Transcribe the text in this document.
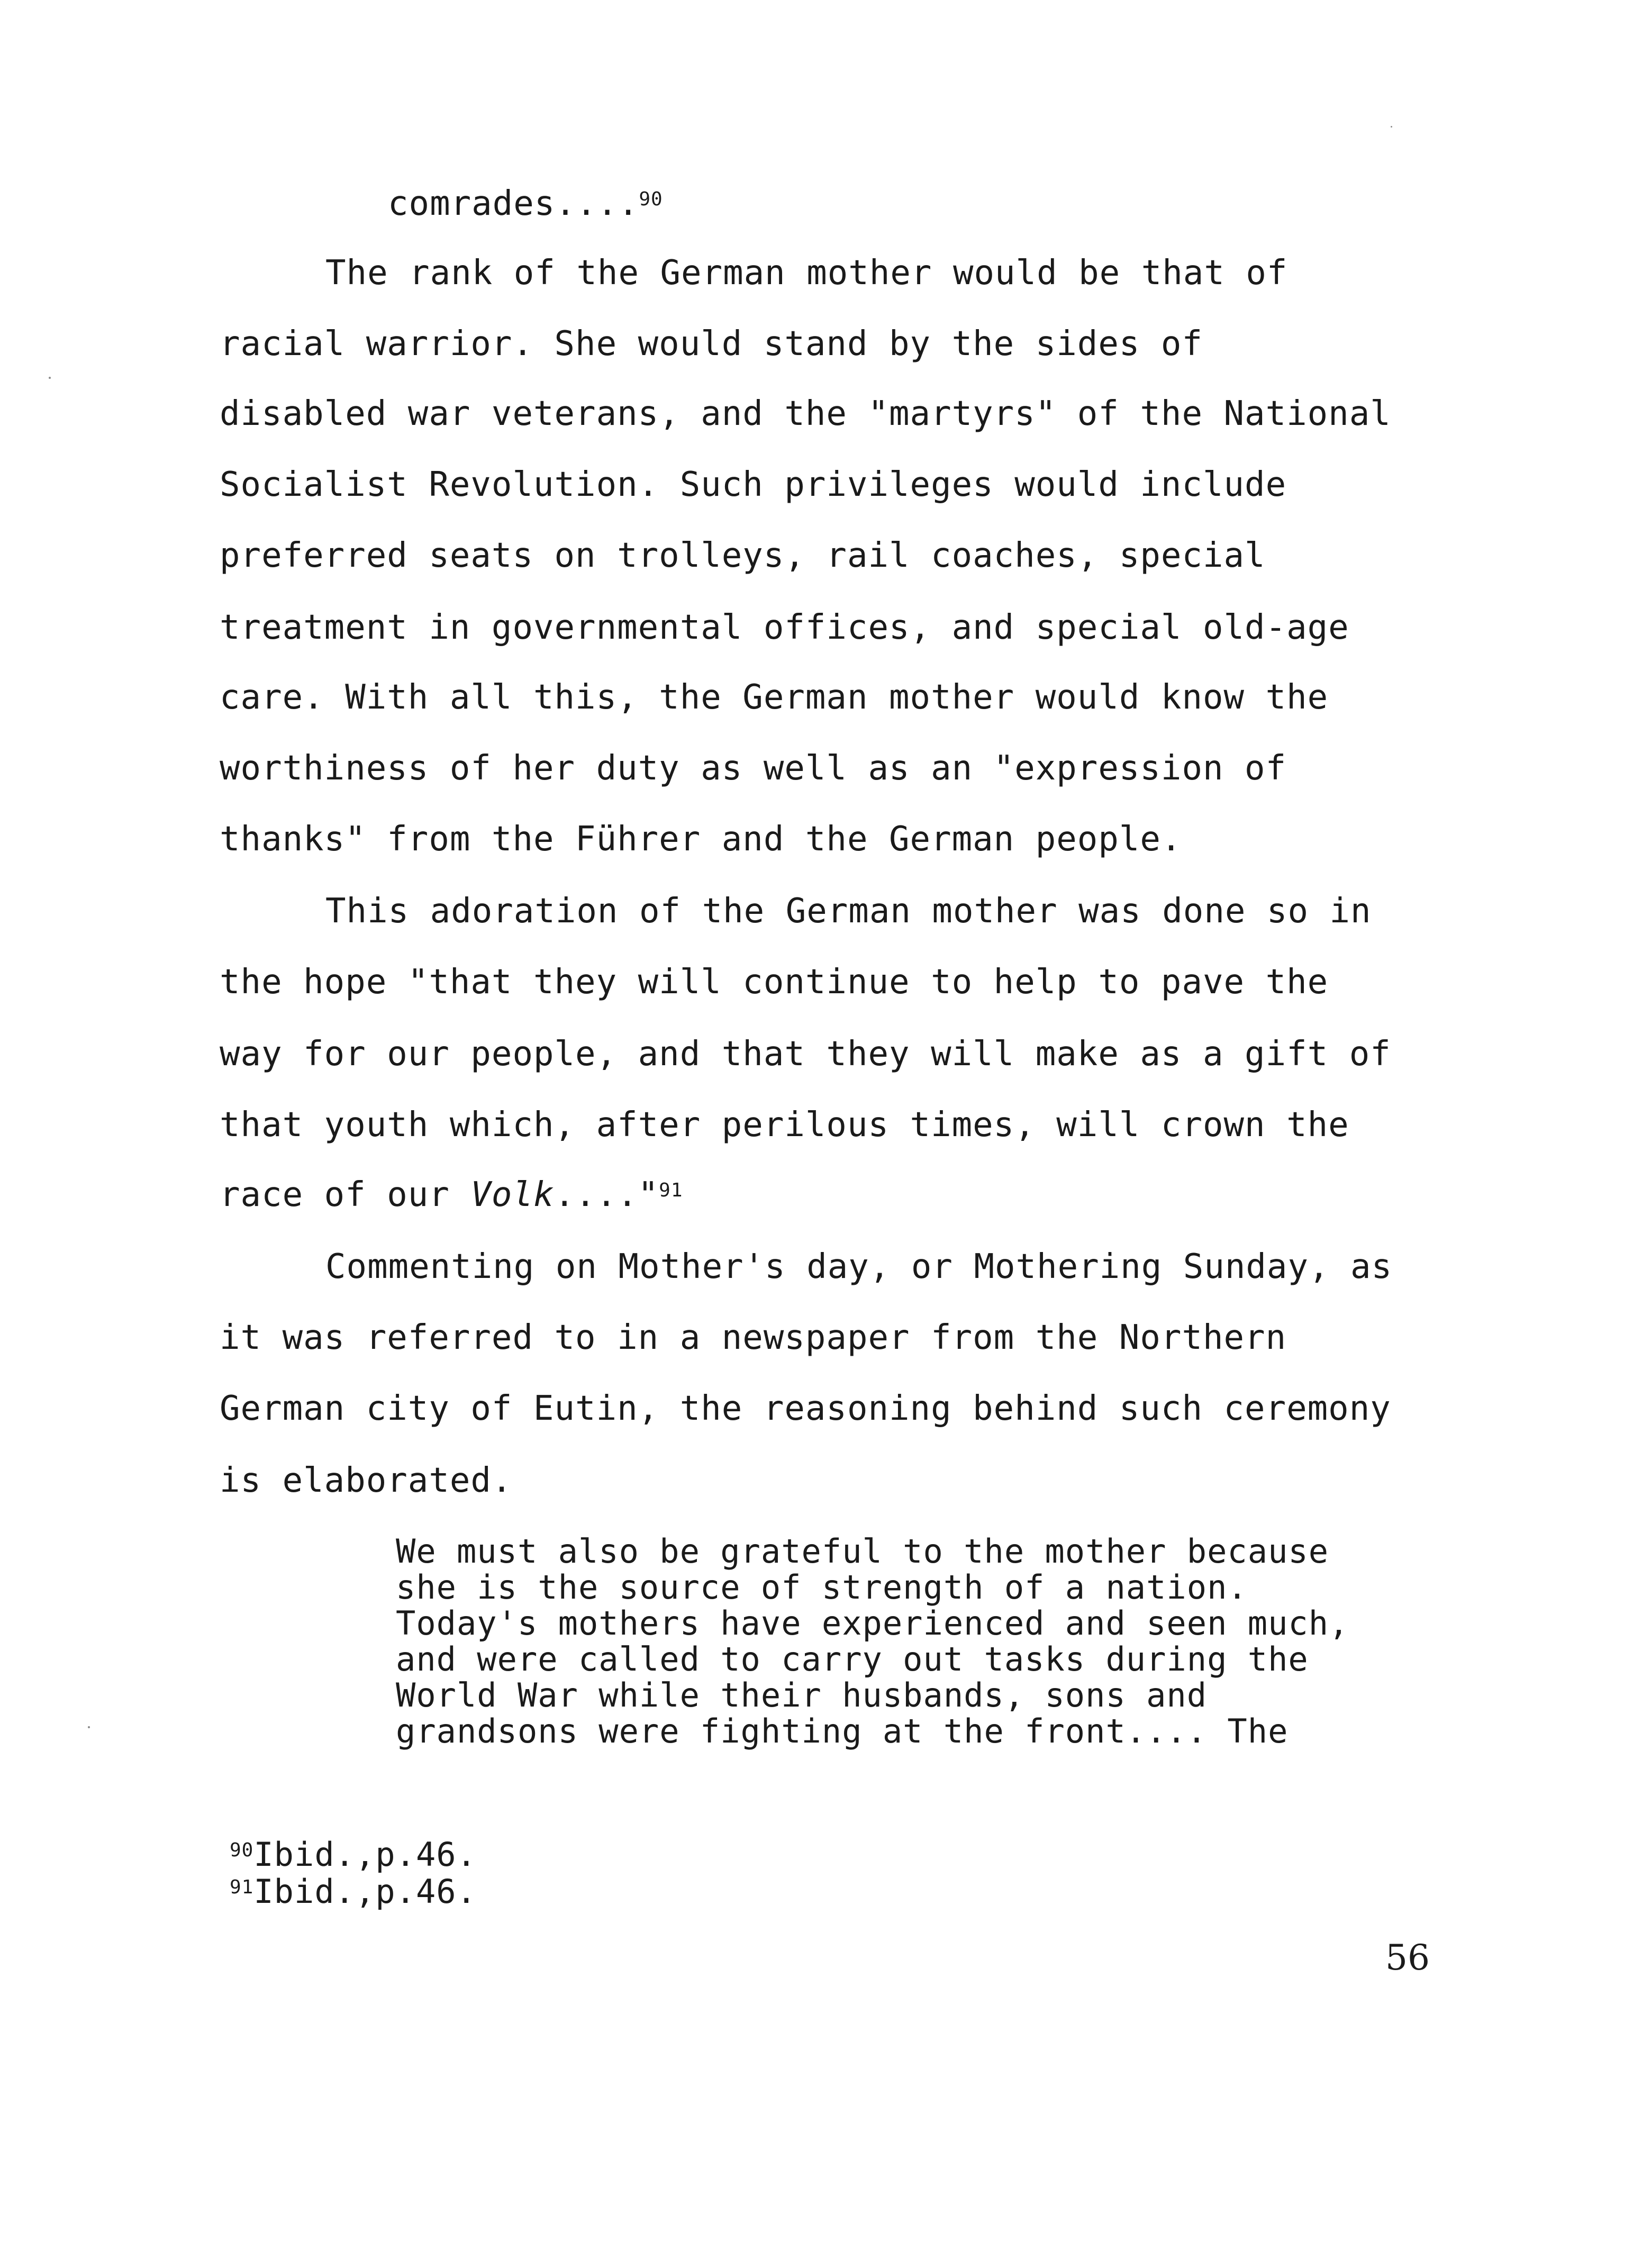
comrades....$^{90}$
The rank of the German mother would be that of
racial warrior. She would stand by the sides of
disabled war veterans, and the "martyrs" of the National
Socialist Revolution. Such privileges would include
preferred seats on trolleys, rail coaches, special
treatment in governmental offices, and special old-age
care. With all this, the German mother would know the
worthiness of her duty as well as an "expression of
thanks" from the Führer and the German people.
This adoration of the German mother was done so in
the hope "that they will continue to help to pave the
way for our people, and that they will make as a gift of
that youth which, after perilous times, will crown the
race of our Volk...."$^{91}$
Commenting on Mother's day, or Mothering Sunday, as
it was referred to in a newspaper from the Northern
German city of Eutin, the reasoning behind such ceremony
is elaborated.
We must also be grateful to the mother because
she is the source of strength of a nation.
Today's mothers have experienced and seen much,
and were called to carry out tasks during the
World War while their husbands, sons and
grandsons were fighting at the front.... The
$^{90}$Ibid.,p.46.
$^{91}$Ibid.,p.46.
56
